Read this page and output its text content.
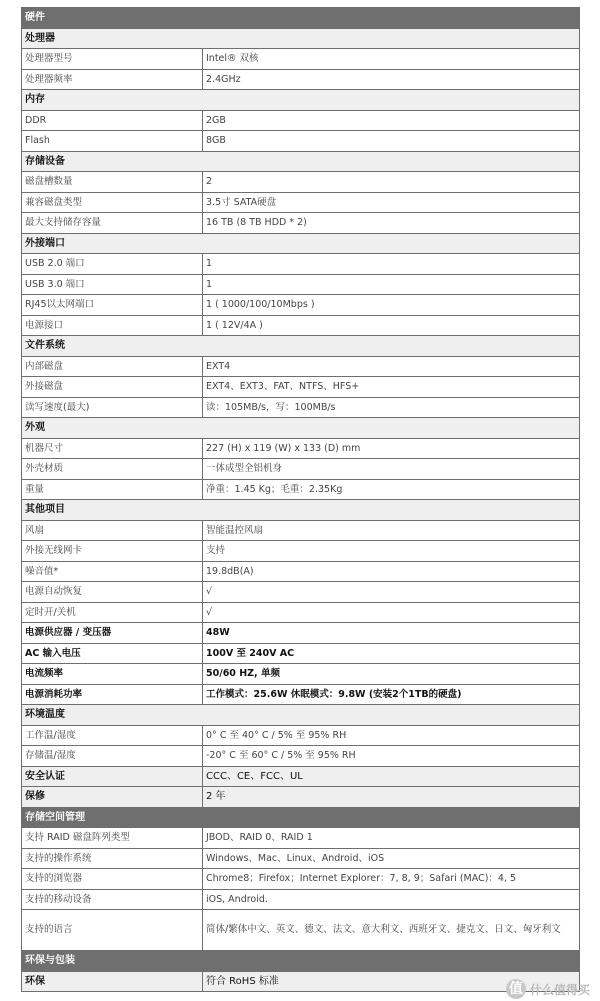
硬件	
处理器	
处理器型号	Intel® 双核
处理器频率	2.4GHz
内存	
DDR	2GB
Flash	8GB
存储设备	
磁盘槽数量	2
兼容磁盘类型	3.5寸 SATA硬盘
最大支持储存容量	16 TB (8 TB HDD * 2)
外接端口	
USB 2.0 端口	1
USB 3.0 端口	1
RJ45以太网端口	1 ( 1000/100/10Mbps )
电源接口	1 ( 12V/4A )
文件系统	
内部磁盘	EXT4
外接磁盘	EXT4、EXT3、FAT、NTFS、HFS+
读写速度(最大)	读：105MB/s，写：100MB/s
外观	
机器尺寸	227 (H) x 119 (W) x 133 (D) mm
外壳材质	一体成型全铝机身
重量	净重：1.45 Kg；毛重：2.35Kg
其他项目	
风扇	智能温控风扇
外接无线网卡	支持
噪音值*	19.8dB(A)
电源自动恢复	√
定时开/关机	√
电源供应器 / 变压器	48W
AC 输入电压	100V 至 240V AC
电流频率	50/60 HZ, 单频
电源消耗功率	工作模式：25.6W 休眠模式：9.8W (安装2个1TB的硬盘)
环境温度	
工作温/湿度	0° C 至 40° C / 5% 至 95% RH
存储温/湿度	-20° C 至 60° C / 5% 至 95% RH
安全认证	CCC、CE、FCC、UL
保修	2 年
存储空间管理	
支持 RAID 磁盘阵列类型	JBOD、RAID 0、RAID 1
支持的操作系统	Windows、Mac、Linux、Android、iOS
支持的浏览器	Chrome8；Firefox；Internet Explorer：7, 8, 9；Safari (MAC)：4, 5
支持的移动设备	iOS, Android.
支持的语言	简体/繁体中文、英文、德文、法文、意大利文、西班牙文、捷克文、日文、匈牙利文
环保与包装	
环保	符合 RoHS 标准	值 什么值得买
